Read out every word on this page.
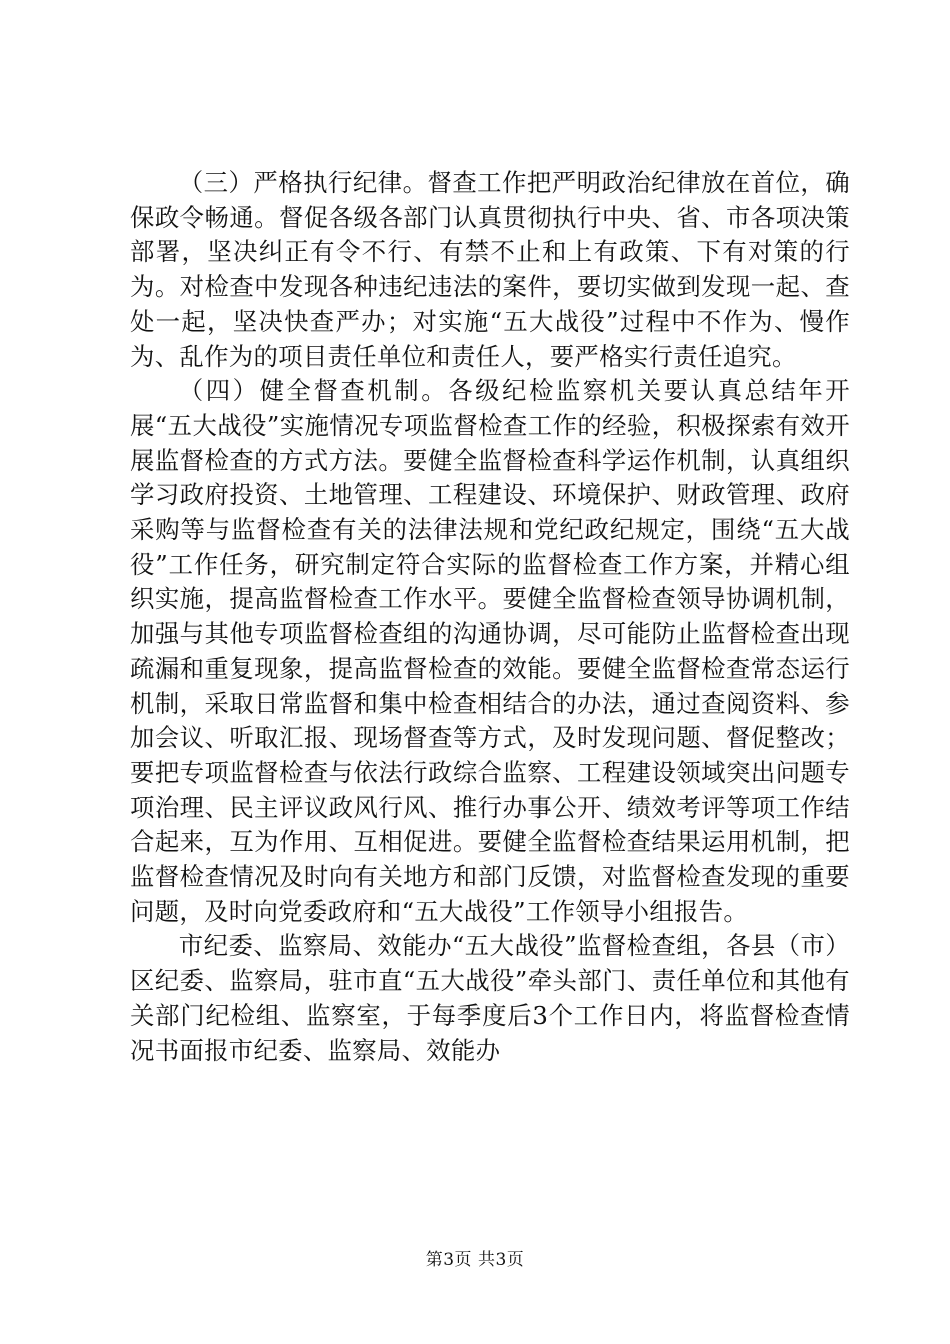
（三）严格执行纪律。督查工作把严明政治纪律放在首位，确保政令畅通。督促各级各部门认真贯彻执行中央、省、市各项决策部署，坚决纠正有令不行、有禁不止和上有政策、下有对策的行为。对检查中发现各种违纪违法的案件，要切实做到发现一起、查处一起，坚决快查严办；对实施“五大战役”过程中不作为、慢作为、乱作为的项目责任单位和责任人，要严格实行责任追究。

（四）健全督查机制。各级纪检监察机关要认真总结年开展“五大战役”实施情况专项监督检查工作的经验，积极探索有效开展监督检查的方式方法。要健全监督检查科学运作机制，认真组织学习政府投资、土地管理、工程建设、环境保护、财政管理、政府采购等与监督检查有关的法律法规和党纪政纪规定，围绕“五大战役”工作任务，研究制定符合实际的监督检查工作方案，并精心组织实施，提高监督检查工作水平。要健全监督检查领导协调机制，加强与其他专项监督检查组的沟通协调，尽可能防止监督检查出现疏漏和重复现象，提高监督检查的效能。要健全监督检查常态运行机制，采取日常监督和集中检查相结合的办法，通过查阅资料、参加会议、听取汇报、现场督查等方式，及时发现问题、督促整改；要把专项监督检查与依法行政综合监察、工程建设领域突出问题专项治理、民主评议政风行风、推行办事公开、绩效考评等项工作结合起来，互为作用、互相促进。要健全监督检查结果运用机制，把监督检查情况及时向有关地方和部门反馈，对监督检查发现的重要问题，及时向党委政府和“五大战役”工作领导小组报告。

市纪委、监察局、效能办“五大战役”监督检查组，各县（市）区纪委、监察局，驻市直“五大战役”牵头部门、责任单位和其他有关部门纪检组、监察室，于每季度后3个工作日内，将监督检查情况书面报市纪委、监察局、效能办

第3页 共3页
